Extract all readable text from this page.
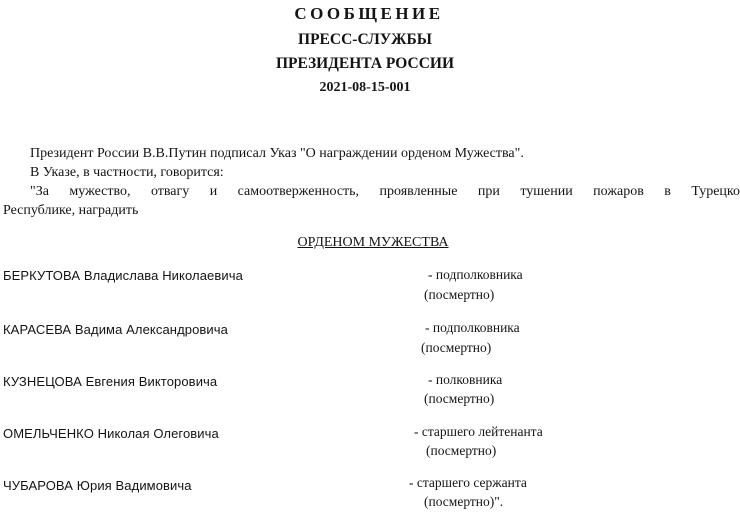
СООБЩЕНИЕ
ПРЕСС-СЛУЖБЫ
ПРЕЗИДЕНТА РОССИИ
2021-08-15-001
Президент России В.В.Путин подписал Указ "О награждении орденом Мужества".
В Указе, в частности, говорится:
"За мужество, отвагу и самоотверженность, проявленные при тушении пожаров в Турецко
Республике, наградить
ОРДЕНОМ МУЖЕСТВА
БЕРКУТОВА Владислава Николаевича	- подполковника
(посмертно)
КАРАСЕВА Вадима Александровича	- подполковника
(посмертно)
КУЗНЕЦОВА Евгения Викторовича	- полковника
(посмертно)
ОМЕЛЬЧЕНКО Николая Олеговича	- старшего лейтенанта
(посмертно)
ЧУБАРОВА Юрия Вадимовича	- старшего сержанта
(посмертно)".
